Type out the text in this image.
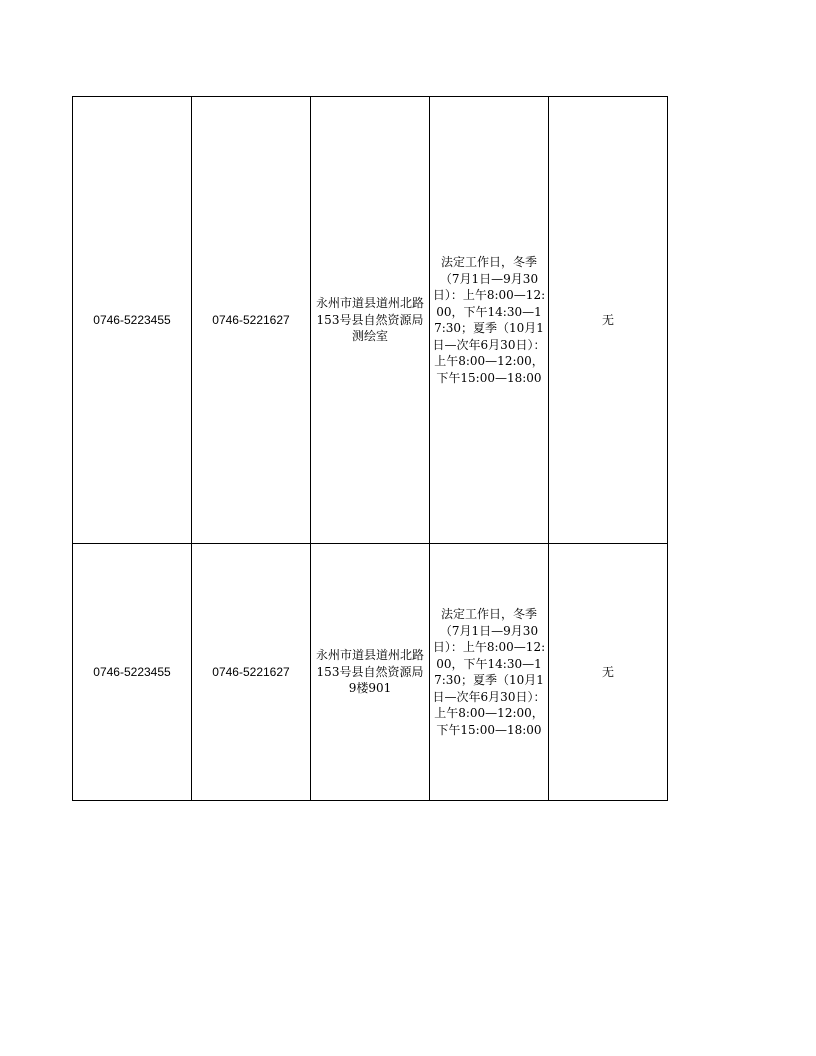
0746-5223455	0746-5221627	永州市道县道州北路153号县自然资源局测绘室	法定工作日，冬季（7月1日—9月30日）：上午8:00—12:00，下午14:30—17:30；夏季（10月1日—次年6月30日）：上午8:00—12:00，下午15:00—18:00	无

0746-5223455	0746-5221627	永州市道县道州北路153号县自然资源局9楼901	法定工作日，冬季（7月1日—9月30日）：上午8:00—12:00，下午14:30—17:30；夏季（10月1日—次年6月30日）：上午8:00—12:00，下午15:00—18:00	无
